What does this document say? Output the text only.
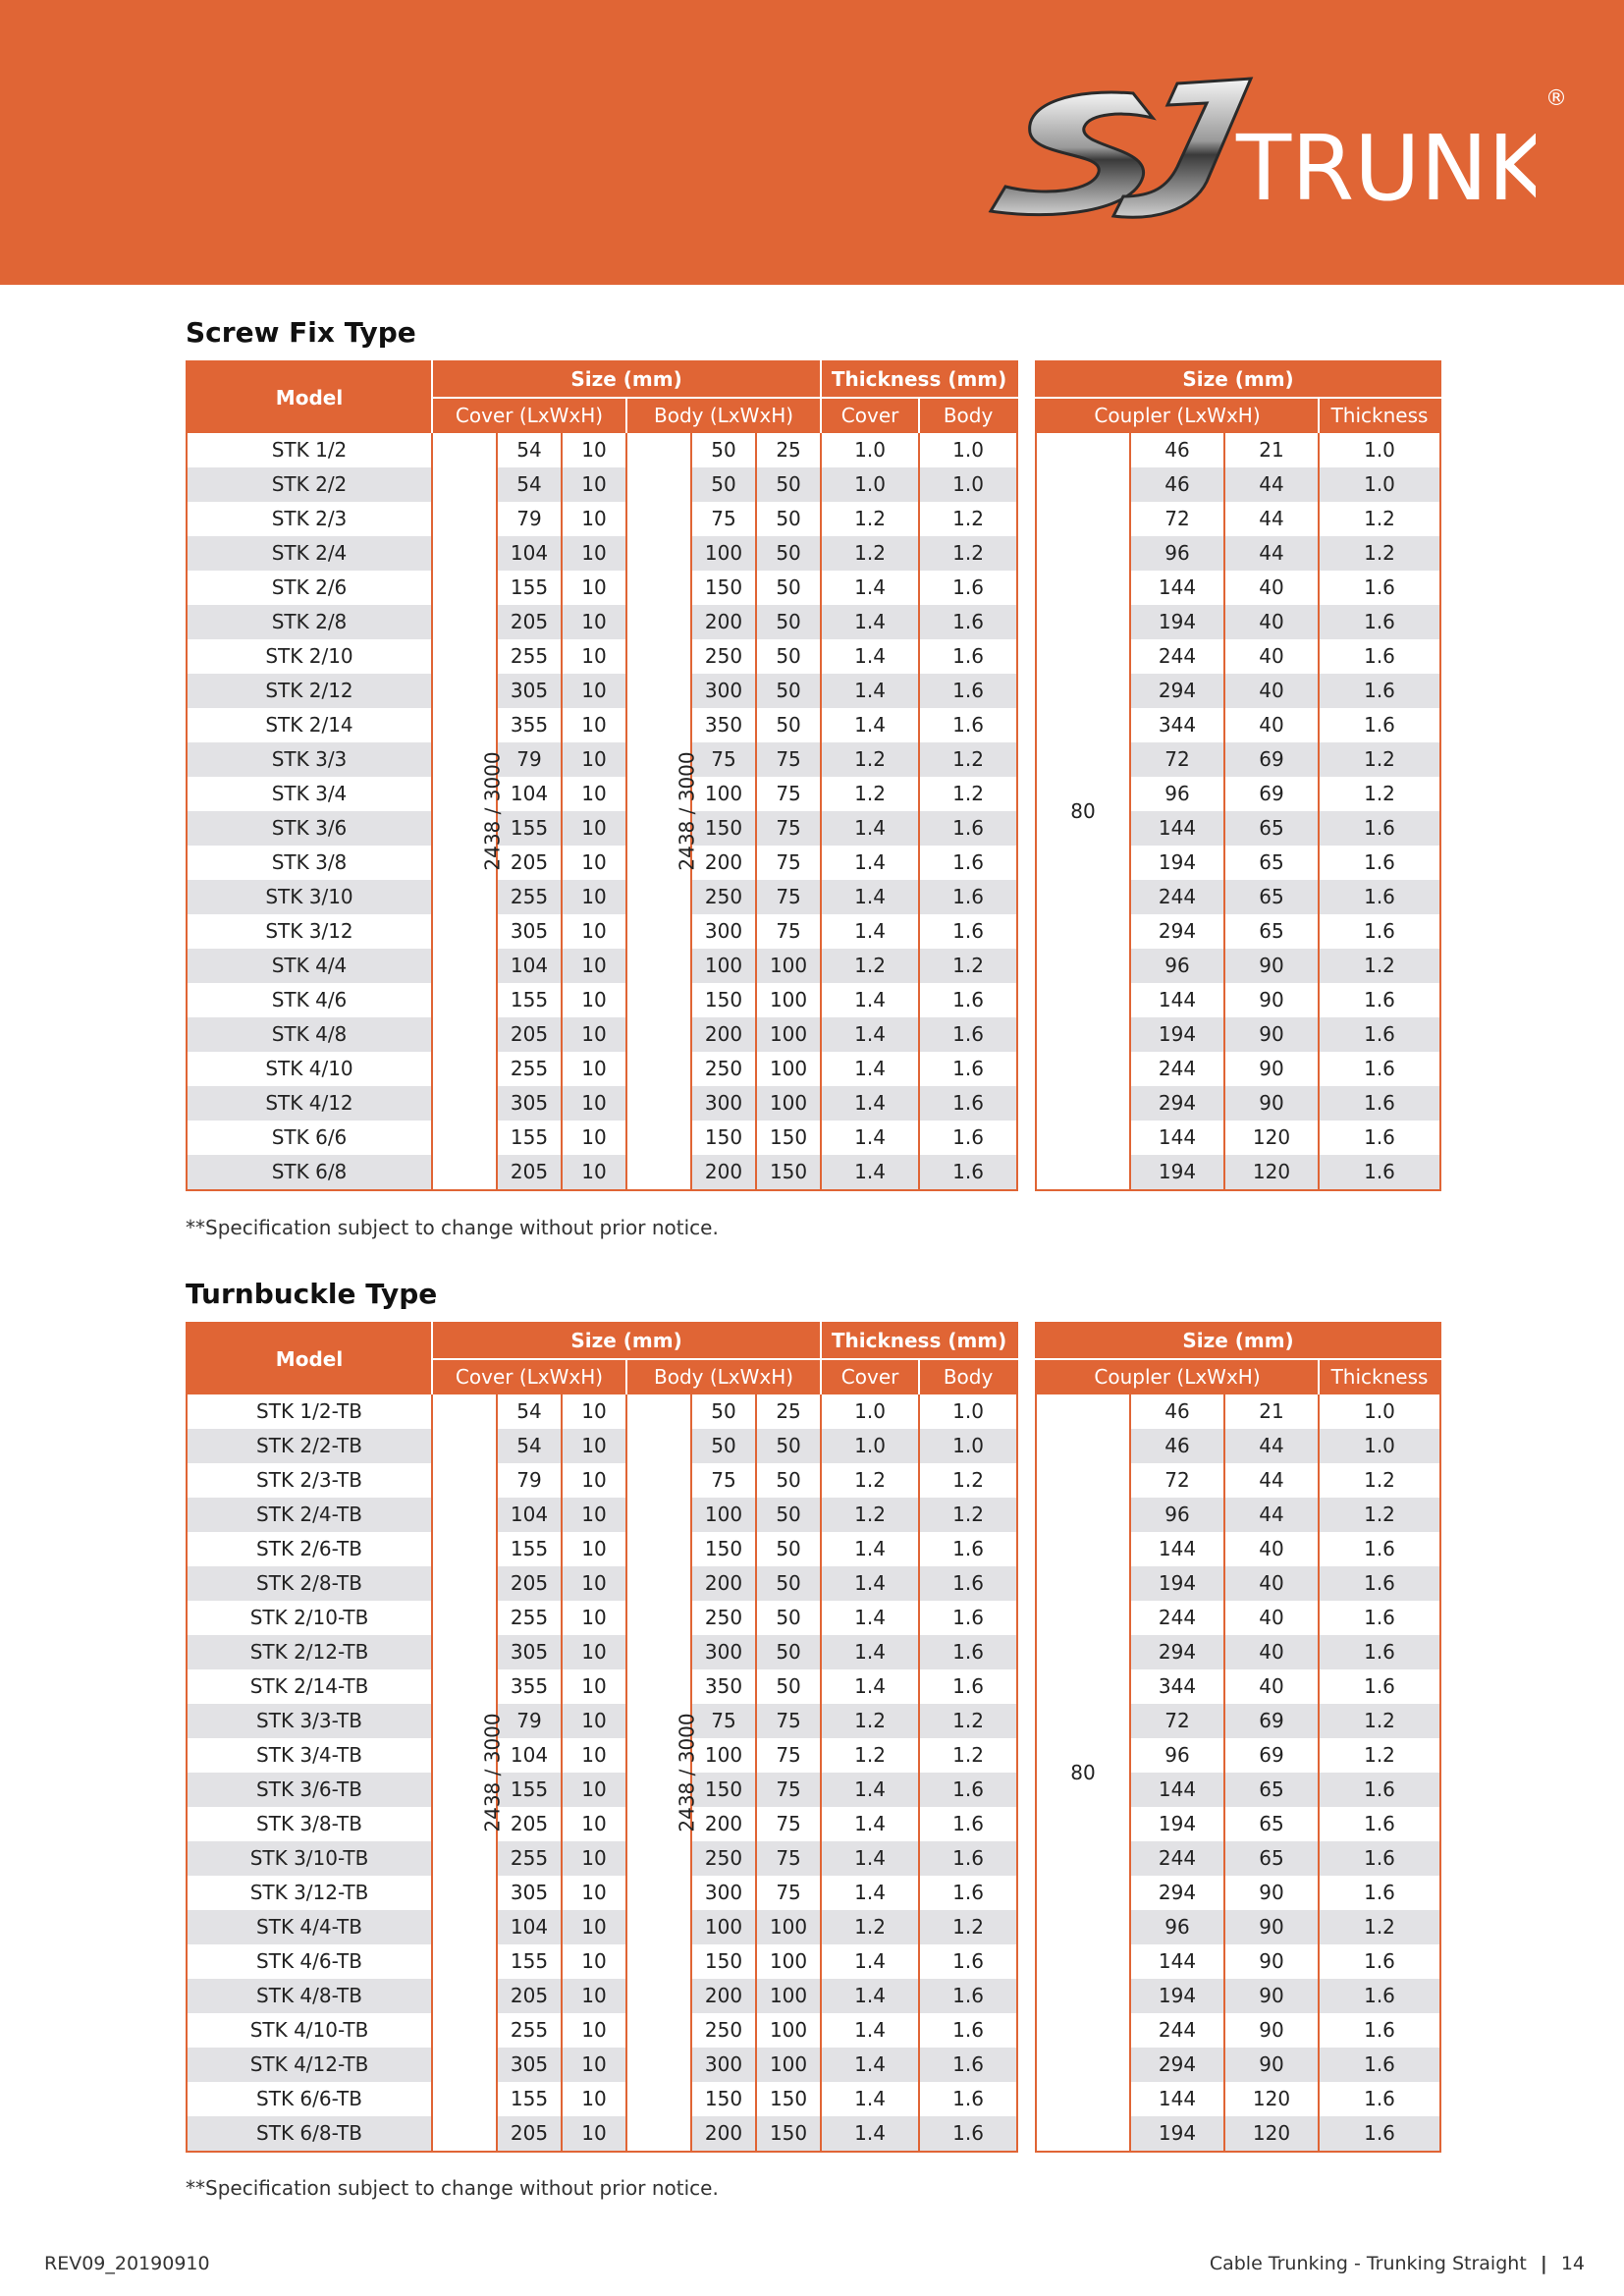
TRUNK
®
Screw Fix Type
Model	Size (mm)						Thickness (mm)	
	Cover (LxWxH)			Body (LxWxH)			Cover	Body
STK 1/2	2438 / 3000	54	10	2438 / 3000	50	25	1.0	1.0
STK 2/2		54	10		50	50	1.0	1.0
STK 2/3		79	10		75	50	1.2	1.2
STK 2/4		104	10		100	50	1.2	1.2
STK 2/6		155	10		150	50	1.4	1.6
STK 2/8		205	10		200	50	1.4	1.6
STK 2/10		255	10		250	50	1.4	1.6
STK 2/12		305	10		300	50	1.4	1.6
STK 2/14		355	10		350	50	1.4	1.6
STK 3/3		79	10		75	75	1.2	1.2
STK 3/4		104	10		100	75	1.2	1.2
STK 3/6		155	10		150	75	1.4	1.6
STK 3/8		205	10		200	75	1.4	1.6
STK 3/10		255	10		250	75	1.4	1.6
STK 3/12		305	10		300	75	1.4	1.6
STK 4/4		104	10		100	100	1.2	1.2
STK 4/6		155	10		150	100	1.4	1.6
STK 4/8		205	10		200	100	1.4	1.6
STK 4/10		255	10		250	100	1.4	1.6
STK 4/12		305	10		300	100	1.4	1.6
STK 6/6		155	10		150	150	1.4	1.6
STK 6/8		205	10		200	150	1.4	1.6
Size (mm)			
Coupler (LxWxH)			Thickness
80	46	21	1.0
	46	44	1.0
	72	44	1.2
	96	44	1.2
	144	40	1.6
	194	40	1.6
	244	40	1.6
	294	40	1.6
	344	40	1.6
	72	69	1.2
	96	69	1.2
	144	65	1.6
	194	65	1.6
	244	65	1.6
	294	65	1.6
	96	90	1.2
	144	90	1.6
	194	90	1.6
	244	90	1.6
	294	90	1.6
	144	120	1.6
	194	120	1.6
**Specification subject to change without prior notice.
Turnbuckle Type
Model	Size (mm)						Thickness (mm)	
	Cover (LxWxH)			Body (LxWxH)			Cover	Body
STK 1/2-TB	2438 / 3000	54	10	2438 / 3000	50	25	1.0	1.0
STK 2/2-TB		54	10		50	50	1.0	1.0
STK 2/3-TB		79	10		75	50	1.2	1.2
STK 2/4-TB		104	10		100	50	1.2	1.2
STK 2/6-TB		155	10		150	50	1.4	1.6
STK 2/8-TB		205	10		200	50	1.4	1.6
STK 2/10-TB		255	10		250	50	1.4	1.6
STK 2/12-TB		305	10		300	50	1.4	1.6
STK 2/14-TB		355	10		350	50	1.4	1.6
STK 3/3-TB		79	10		75	75	1.2	1.2
STK 3/4-TB		104	10		100	75	1.2	1.2
STK 3/6-TB		155	10		150	75	1.4	1.6
STK 3/8-TB		205	10		200	75	1.4	1.6
STK 3/10-TB		255	10		250	75	1.4	1.6
STK 3/12-TB		305	10		300	75	1.4	1.6
STK 4/4-TB		104	10		100	100	1.2	1.2
STK 4/6-TB		155	10		150	100	1.4	1.6
STK 4/8-TB		205	10		200	100	1.4	1.6
STK 4/10-TB		255	10		250	100	1.4	1.6
STK 4/12-TB		305	10		300	100	1.4	1.6
STK 6/6-TB		155	10		150	150	1.4	1.6
STK 6/8-TB		205	10		200	150	1.4	1.6
Size (mm)			
Coupler (LxWxH)			Thickness
80	46	21	1.0
	46	44	1.0
	72	44	1.2
	96	44	1.2
	144	40	1.6
	194	40	1.6
	244	40	1.6
	294	40	1.6
	344	40	1.6
	72	69	1.2
	96	69	1.2
	144	65	1.6
	194	65	1.6
	244	65	1.6
	294	90	1.6
	96	90	1.2
	144	90	1.6
	194	90	1.6
	244	90	1.6
	294	90	1.6
	144	120	1.6
	194	120	1.6
**Specification subject to change without prior notice.
REV09_20190910	Cable Trunking - Trunking Straight | 14
